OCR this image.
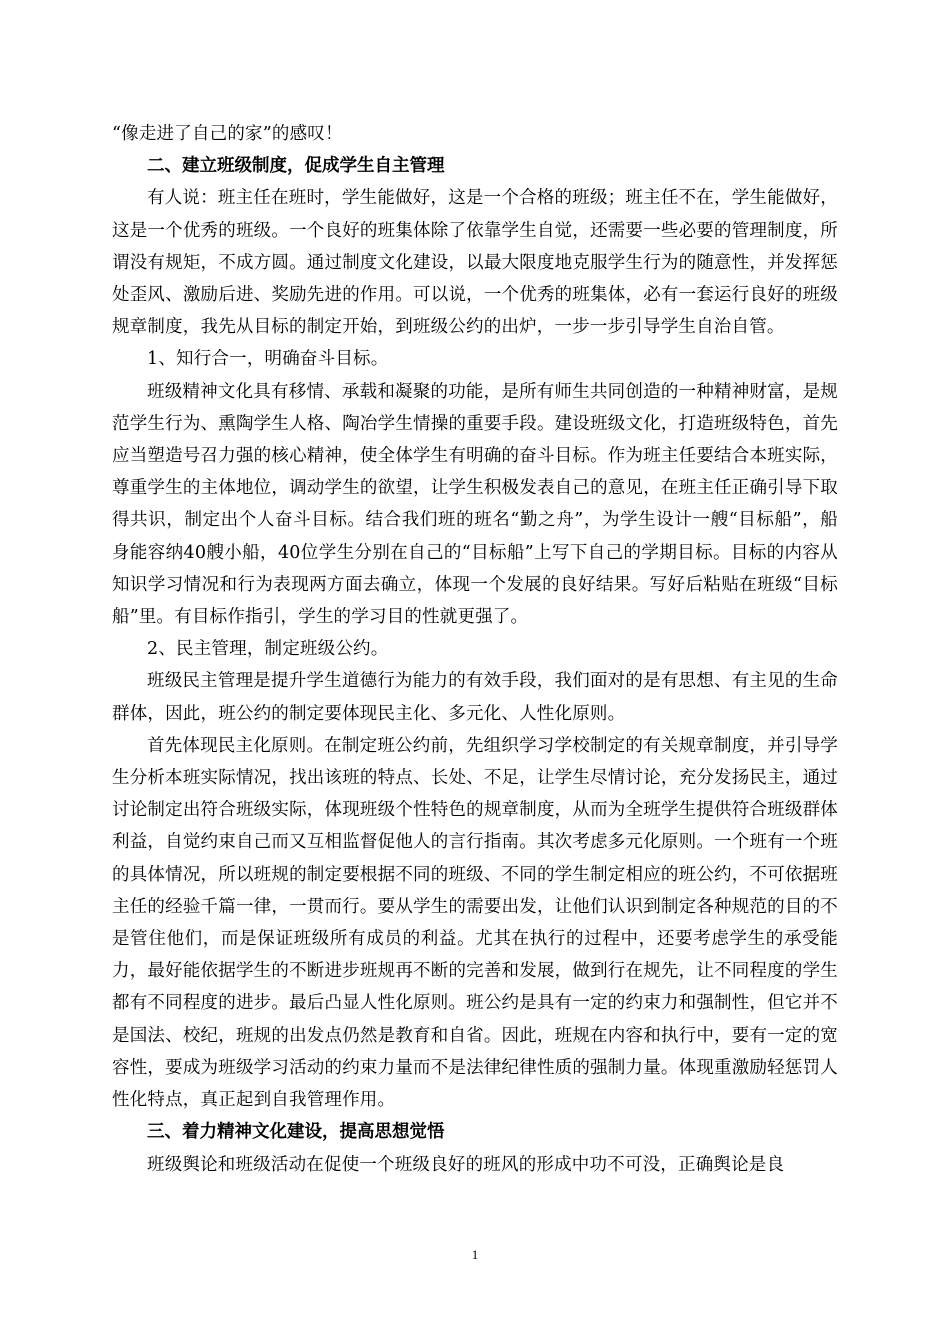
“像走进了自己的家”的感叹！

二、建立班级制度，促成学生自主管理

有人说：班主任在班时，学生能做好，这是一个合格的班级；班主任不在，学生能做好，这是一个优秀的班级。一个良好的班集体除了依靠学生自觉，还需要一些必要的管理制度，所谓没有规矩，不成方圆。通过制度文化建设，以最大限度地克服学生行为的随意性，并发挥惩处歪风、激励后进、奖励先进的作用。可以说，一个优秀的班集体，必有一套运行良好的班级规章制度，我先从目标的制定开始，到班级公约的出炉，一步一步引导学生自治自管。

1、知行合一，明确奋斗目标。

班级精神文化具有移情、承载和凝聚的功能，是所有师生共同创造的一种精神财富，是规范学生行为、熏陶学生人格、陶冶学生情操的重要手段。建设班级文化，打造班级特色，首先应当塑造号召力强的核心精神，使全体学生有明确的奋斗目标。作为班主任要结合本班实际，尊重学生的主体地位，调动学生的欲望，让学生积极发表自己的意见，在班主任正确引导下取得共识，制定出个人奋斗目标。结合我们班的班名“勤之舟”，为学生设计一艘“目标船”，船身能容纳40艘小船，40位学生分别在自己的“目标船”上写下自己的学期目标。目标的内容从知识学习情况和行为表现两方面去确立，体现一个发展的良好结果。写好后粘贴在班级“目标船”里。有目标作指引，学生的学习目的性就更强了。

2、民主管理，制定班级公约。

班级民主管理是提升学生道德行为能力的有效手段，我们面对的是有思想、有主见的生命群体，因此，班公约的制定要体现民主化、多元化、人性化原则。

首先体现民主化原则。在制定班公约前，先组织学习学校制定的有关规章制度，并引导学生分析本班实际情况，找出该班的特点、长处、不足，让学生尽情讨论，充分发扬民主，通过讨论制定出符合班级实际，体现班级个性特色的规章制度，从而为全班学生提供符合班级群体利益，自觉约束自己而又互相监督促他人的言行指南。其次考虑多元化原则。一个班有一个班的具体情况，所以班规的制定要根据不同的班级、不同的学生制定相应的班公约，不可依据班主任的经验千篇一律，一贯而行。要从学生的需要出发，让他们认识到制定各种规范的目的不是管住他们，而是保证班级所有成员的利益。尤其在执行的过程中，还要考虑学生的承受能力，最好能依据学生的不断进步班规再不断的完善和发展，做到行在规先，让不同程度的学生都有不同程度的进步。最后凸显人性化原则。班公约是具有一定的约束力和强制性，但它并不是国法、校纪，班规的出发点仍然是教育和自省。因此，班规在内容和执行中，要有一定的宽容性，要成为班级学习活动的约束力量而不是法律纪律性质的强制力量。体现重激励轻惩罚人性化特点，真正起到自我管理作用。

三、着力精神文化建设，提高思想觉悟

班级舆论和班级活动在促使一个班级良好的班风的形成中功不可没，正确舆论是良

1
